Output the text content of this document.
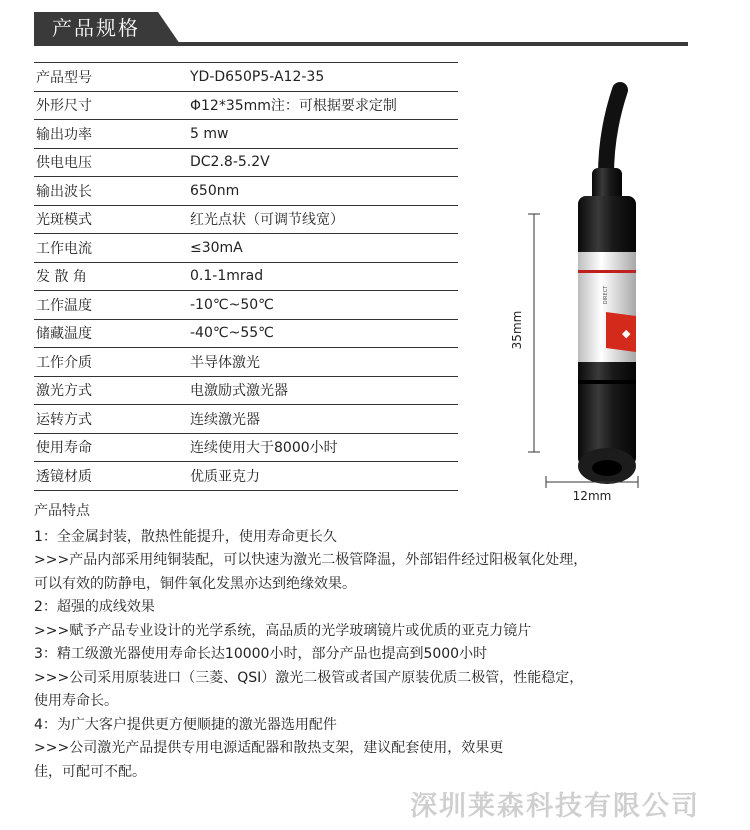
产品规格
产品型号	YD-D650P5-A12-35
外形尺寸	Φ12*35mm注：可根据要求定制
输出功率	5 mw
供电电压	DC2.8-5.2V
输出波长	650nm
光斑模式	红光点状（可调节线宽）
工作电流	≤30mA
发 散 角	0.1-1mrad
工作温度	-10℃~50℃
储藏温度	-40℃~55℃
工作介质	半导体激光
激光方式	电激励式激光器
运转方式	连续激光器
使用寿命	连续使用大于8000小时
透镜材质	优质亚克力
DIRECT
◆
35mm
12mm

产品特点

1：全金属封装，散热性能提升，使用寿命更长久

>>>产品内部采用纯铜装配，可以快速为激光二极管降温，外部铝件经过阳极氧化处理，

可以有效的防静电，铜件氧化发黑亦达到绝缘效果。

2：超强的成线效果

>>>赋予产品专业设计的光学系统，高品质的光学玻璃镜片或优质的亚克力镜片

3：精工级激光器使用寿命长达10000小时，部分产品也提高到5000小时

>>>公司采用原装进口（三菱、QSI）激光二极管或者国产原装优质二极管，性能稳定，

使用寿命长。

4：为广大客户提供更方便顺捷的激光器选用配件

>>>公司激光产品提供专用电源适配器和散热支架，建议配套使用，效果更

佳，可配可不配。

深圳莱森科技有限公司
